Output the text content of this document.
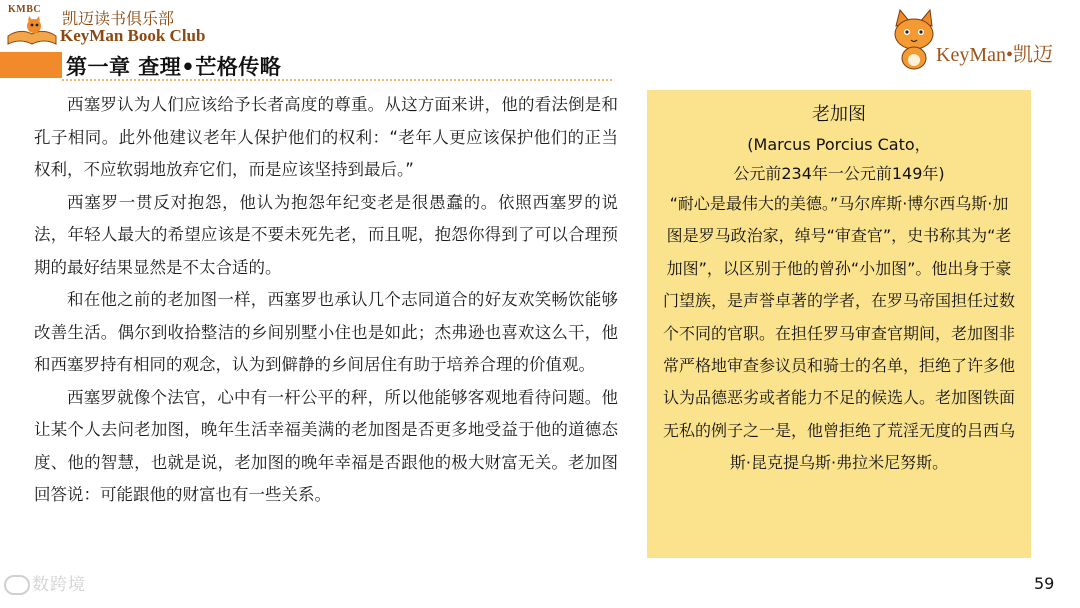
KMBC 凯迈读书俱乐部
KeyMan Book Club
第一章 查理•芒格传略	KeyMan•凯迈

西塞罗认为人们应该给予长者高度的尊重。从这方面来讲，他的看法倒是和孔子相同。此外他建议老年人保护他们的权利：“老年人更应该保护他们的正当权利，不应软弱地放弃它们，而是应该坚持到最后。”

西塞罗一贯反对抱怨，他认为抱怨年纪变老是很愚蠢的。依照西塞罗的说法，年轻人最大的希望应该是不要未死先老，而且呢，抱怨你得到了可以合理预期的最好结果显然是不太合适的。

和在他之前的老加图一样，西塞罗也承认几个志同道合的好友欢笑畅饮能够改善生活。偶尔到收拾整洁的乡间别墅小住也是如此；杰弗逊也喜欢这么干，他和西塞罗持有相同的观念，认为到僻静的乡间居住有助于培养合理的价值观。

西塞罗就像个法官，心中有一杆公平的秤，所以他能够客观地看待问题。他让某个人去问老加图，晚年生活幸福美满的老加图是否更多地受益于他的道德态度、他的智慧，也就是说，老加图的晚年幸福是否跟他的极大财富无关。老加图回答说：可能跟他的财富也有一些关系。

老加图
(Marcus Porcius Cato，
公元前234年一公元前149年)
“耐心是最伟大的美德。”马尔库斯·博尔西乌斯·加图是罗马政治家，绰号“审查官”，史书称其为“老加图”，以区别于他的曾孙“小加图”。他出身于豪门望族，是声誉卓著的学者，在罗马帝国担任过数个不同的官职。在担任罗马审查官期间，老加图非常严格地审查参议员和骑士的名单，拒绝了许多他认为品德恶劣或者能力不足的候选人。老加图铁面无私的例子之一是，他曾拒绝了荒淫无度的吕西乌斯·昆克提乌斯·弗拉米尼努斯。
数跨境	59
